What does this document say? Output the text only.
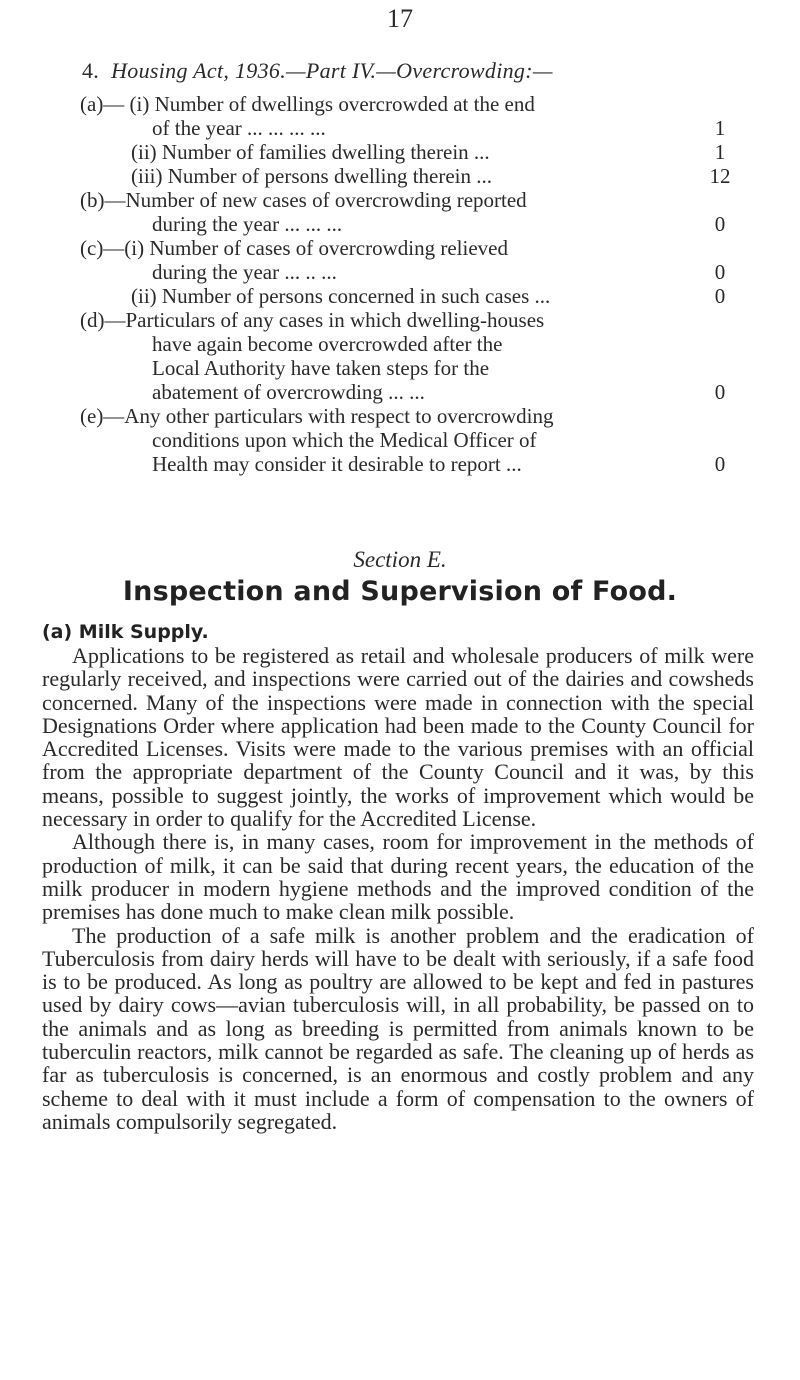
17
4. Housing Act, 1936.—Part IV.—Overcrowding:—
(a)— (i) Number of dwellings overcrowded at the end
of the year ... ... ... ...	1
(ii) Number of families dwelling therein ...	1
(iii) Number of persons dwelling therein ...	12
(b)—Number of new cases of overcrowding reported
during the year ... ... ...	0
(c)—(i) Number of cases of overcrowding relieved
during the year ... .. ...	0
(ii) Number of persons concerned in such cases ...	0
(d)—Particulars of any cases in which dwelling-houses
have again become overcrowded after the
Local Authority have taken steps for the
abatement of overcrowding ... ...	0
(e)—Any other particulars with respect to overcrowding
conditions upon which the Medical Officer of
Health may consider it desirable to report ...	0
Section E.
Inspection and Supervision of Food.
(a) Milk Supply.

Applications to be registered as retail and wholesale producers of milk were regularly received, and inspections were carried out of the dairies and cowsheds concerned. Many of the inspections were made in connection with the special Designations Order where application had been made to the County Council for Accredited Licenses. Visits were made to the various premises with an official from the appropriate department of the County Council and it was, by this means, possible to suggest jointly, the works of improvement which would be necessary in order to qualify for the Accredited License.

Although there is, in many cases, room for improvement in the methods of production of milk, it can be said that during recent years, the education of the milk producer in modern hygiene methods and the improved condition of the premises has done much to make clean milk possible.

The production of a safe milk is another problem and the eradication of Tuberculosis from dairy herds will have to be dealt with seriously, if a safe food is to be produced. As long as poultry are allowed to be kept and fed in pastures used by dairy cows—avian tuberculosis will, in all probability, be passed on to the animals and as long as breeding is permitted from animals known to be tuberculin reactors, milk cannot be regarded as safe. The cleaning up of herds as far as tuberculosis is concerned, is an enormous and costly problem and any scheme to deal with it must include a form of compensation to the owners of animals compulsorily segregated.
